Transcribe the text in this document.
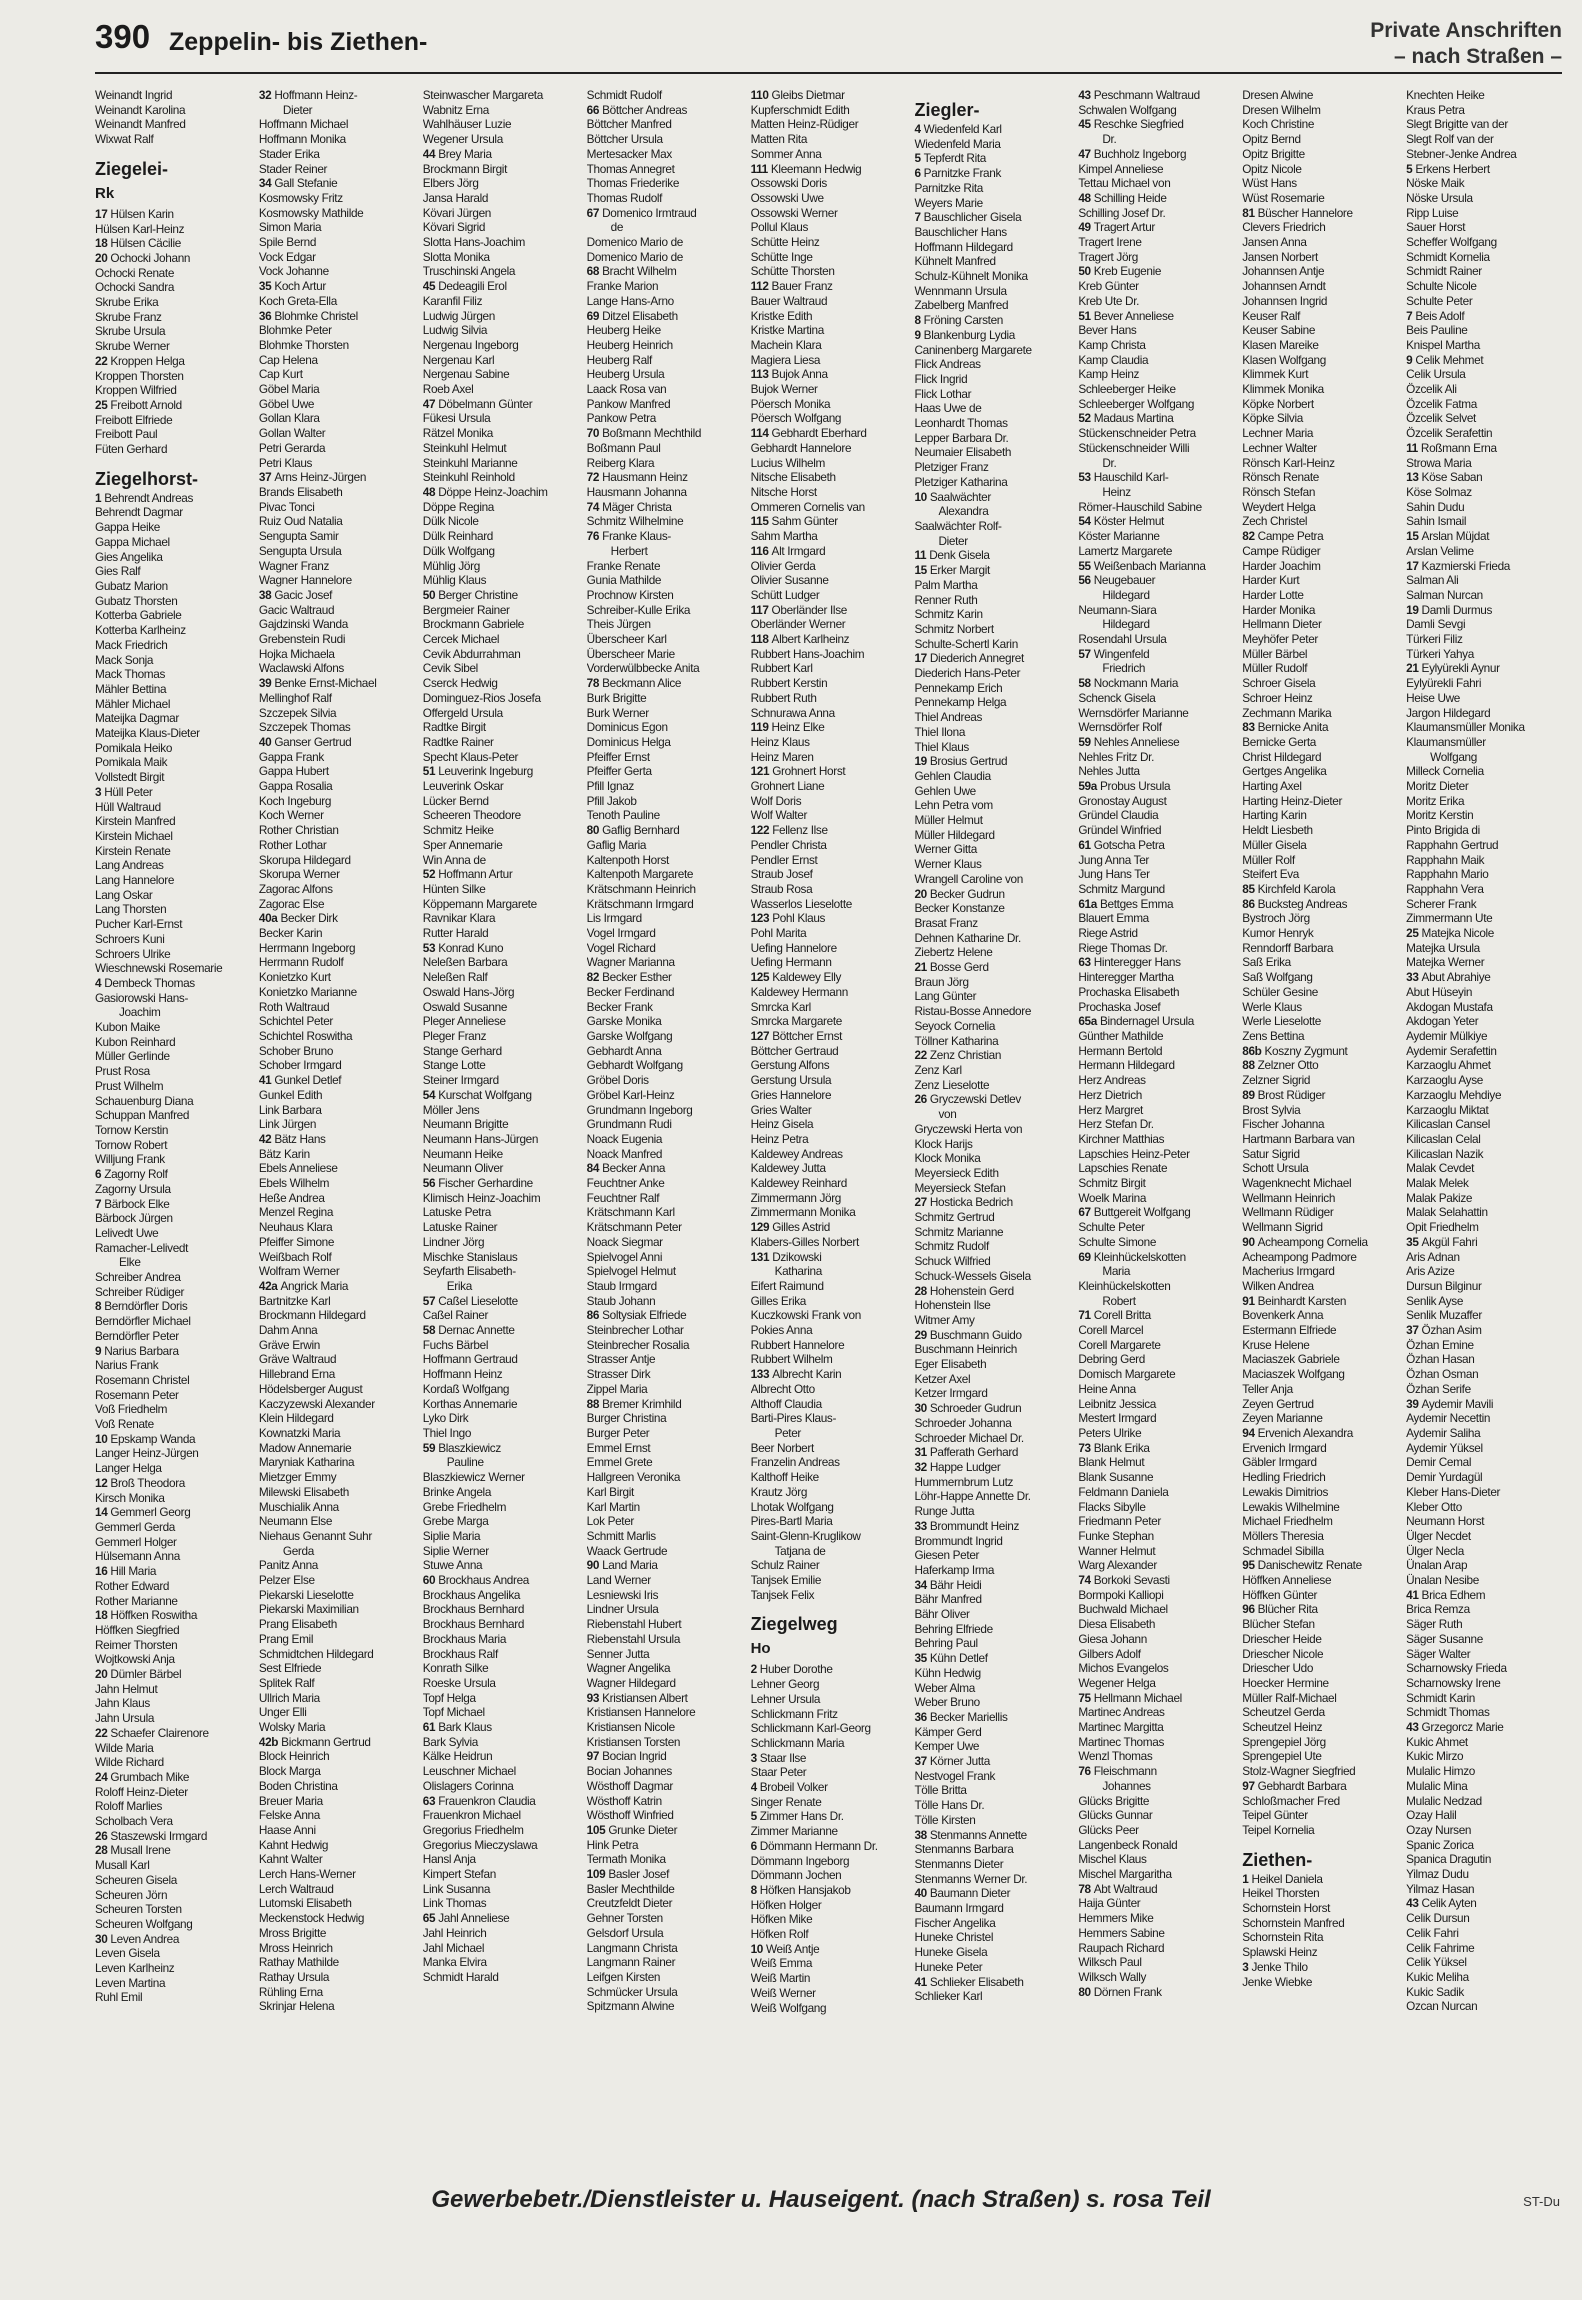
390 Zeppelin- bis Ziethen-	Private Anschriften
– nach Straßen –
Weinandt Ingrid
Weinandt Karolina
Weinandt Manfred
Wixwat Ralf
Ziegelei-
Rk
17 Hülsen Karin
Hülsen Karl-Heinz
18 Hülsen Cäcilie
20 Ochocki Johann
Ochocki Renate
Ochocki Sandra
Skrube Erika
Skrube Franz
Skrube Ursula
Skrube Werner
22 Kroppen Helga
Kroppen Thorsten
Kroppen Wilfried
25 Freibott Arnold
Freibott Elfriede
Freibott Paul
Füten Gerhard
Ziegelhorst-
1 Behrendt Andreas
Behrendt Dagmar
Gappa Heike
Gappa Michael
Gies Angelika
Gies Ralf
Gubatz Marion
Gubatz Thorsten
Kotterba Gabriele
Kotterba Karlheinz
Mack Friedrich
Mack Sonja
Mack Thomas
Mähler Bettina
Mähler Michael
Mateijka Dagmar
Mateijka Klaus-Dieter
Pomikala Heiko
Pomikala Maik
Vollstedt Birgit
3 Hüll Peter
Hüll Waltraud
Kirstein Manfred
Kirstein Michael
Kirstein Renate
Lang Andreas
Lang Hannelore
Lang Oskar
Lang Thorsten
Pucher Karl-Ernst
Schroers Kuni
Schroers Ulrike
Wieschnewski Rosemarie
4 Dembeck Thomas
Gasiorowski Hans-
Joachim
Kubon Maike
Kubon Reinhard
Müller Gerlinde
Prust Rosa
Prust Wilhelm
Schauenburg Diana
Schuppan Manfred
Tornow Kerstin
Tornow Robert
Willjung Frank
6 Zagorny Rolf
Zagorny Ursula
7 Bärbock Elke
Bärbock Jürgen
Lelivedt Uwe
Ramacher-Lelivedt
Elke
Schreiber Andrea
Schreiber Rüdiger
8 Berndörfler Doris
Berndörfler Michael
Berndörfler Peter
9 Narius Barbara
Narius Frank
Rosemann Christel
Rosemann Peter
Voß Friedhelm
Voß Renate
10 Epskamp Wanda
Langer Heinz-Jürgen
Langer Helga
12 Broß Theodora
Kirsch Monika
14 Gemmerl Georg
Gemmerl Gerda
Gemmerl Holger
Hülsemann Anna
16 Hill Maria
Rother Edward
Rother Marianne
18 Höffken Roswitha
Höffken Siegfried
Reimer Thorsten
Wojtkowski Anja
20 Dümler Bärbel
Jahn Helmut
Jahn Klaus
Jahn Ursula
22 Schaefer Clairenore
Wilde Maria
Wilde Richard
24 Grumbach Mike
Roloff Heinz-Dieter
Roloff Marlies
Scholbach Vera
26 Staszewski Irmgard
28 Musall Irene
Musall Karl
Scheuren Gisela
Scheuren Jörn
Scheuren Torsten
Scheuren Wolfgang
30 Leven Andrea
Leven Gisela
Leven Karlheinz
Leven Martina
Ruhl Emil
32 Hoffmann Heinz-
Dieter
Hoffmann Michael
Hoffmann Monika
Stader Erika
Stader Reiner
34 Gall Stefanie
Kosmowsky Fritz
Kosmowsky Mathilde
Simon Maria
Spile Bernd
Vock Edgar
Vock Johanne
35 Koch Artur
Koch Greta-Ella
36 Blohmke Christel
Blohmke Peter
Blohmke Thorsten
Cap Helena
Cap Kurt
Göbel Maria
Göbel Uwe
Gollan Klara
Gollan Walter
Petri Gerarda
Petri Klaus
37 Arns Heinz-Jürgen
Brands Elisabeth
Pivac Tonci
Ruiz Oud Natalia
Sengupta Samir
Sengupta Ursula
Wagner Franz
Wagner Hannelore
38 Gacic Josef
Gacic Waltraud
Gajdzinski Wanda
Grebenstein Rudi
Hojka Michaela
Waclawski Alfons
39 Benke Ernst-Michael
Mellinghof Ralf
Szczepek Silvia
Szczepek Thomas
40 Ganser Gertrud
Gappa Frank
Gappa Hubert
Gappa Rosalia
Koch Ingeburg
Koch Werner
Rother Christian
Rother Lothar
Skorupa Hildegard
Skorupa Werner
Zagorac Alfons
Zagorac Else
40a Becker Dirk
Becker Karin
Herrmann Ingeborg
Herrmann Rudolf
Konietzko Kurt
Konietzko Marianne
Roth Waltraud
Schichtel Peter
Schichtel Roswitha
Schober Bruno
Schober Irmgard
41 Gunkel Detlef
Gunkel Edith
Link Barbara
Link Jürgen
42 Bätz Hans
Bätz Karin
Ebels Anneliese
Ebels Wilhelm
Heße Andrea
Menzel Regina
Neuhaus Klara
Pfeiffer Simone
Weißbach Rolf
Wolfram Werner
42a Angrick Maria
Bartnitzke Karl
Brockmann Hildegard
Dahm Anna
Gräve Erwin
Gräve Waltraud
Hillebrand Erna
Hödelsberger August
Kaczyzewski Alexander
Klein Hildegard
Kownatzki Maria
Madow Annemarie
Maryniak Katharina
Mietzger Emmy
Milewski Elisabeth
Muschialik Anna
Neumann Else
Niehaus Genannt Suhr
Gerda
Panitz Anna
Pelzer Else
Piekarski Lieselotte
Piekarski Maximilian
Prang Elisabeth
Prang Emil
Schmidtchen Hildegard
Sest Elfriede
Splitek Ralf
Ullrich Maria
Unger Elli
Wolsky Maria
42b Bickmann Gertrud
Block Heinrich
Block Marga
Boden Christina
Breuer Maria
Felske Anna
Haase Anni
Kahnt Hedwig
Kahnt Walter
Lerch Hans-Werner
Lerch Waltraud
Lutomski Elisabeth
Meckenstock Hedwig
Mross Brigitte
Mross Heinrich
Rathay Mathilde
Rathay Ursula
Rühling Erna
Skrinjar Helena
Steinwascher Margareta
Wabnitz Erna
Wahlhäuser Luzie
Wegener Ursula
44 Brey Maria
Brockmann Birgit
Elbers Jörg
Jansa Harald
Kövari Jürgen
Kövari Sigrid
Slotta Hans-Joachim
Slotta Monika
Truschinski Angela
45 Dedeagili Erol
Karanfil Filiz
Ludwig Jürgen
Ludwig Silvia
Nergenau Ingeborg
Nergenau Karl
Nergenau Sabine
Roeb Axel
47 Döbelmann Günter
Fükesi Ursula
Rätzel Monika
Steinkuhl Helmut
Steinkuhl Marianne
Steinkuhl Reinhold
48 Döppe Heinz-Joachim
Döppe Regina
Dülk Nicole
Dülk Reinhard
Dülk Wolfgang
Mühlig Jörg
Mühlig Klaus
50 Berger Christine
Bergmeier Rainer
Brockmann Gabriele
Cercek Michael
Cevik Abdurrahman
Cevik Sibel
Cserck Hedwig
Dominguez-Rios Josefa
Offergeld Ursula
Radtke Birgit
Radtke Rainer
Specht Klaus-Peter
51 Leuverink Ingeburg
Leuverink Oskar
Lücker Bernd
Scheeren Theodore
Schmitz Heike
Sper Annemarie
Win Anna de
52 Hoffmann Artur
Hünten Silke
Köppemann Margarete
Ravnikar Klara
Rutter Harald
53 Konrad Kuno
Neleßen Barbara
Neleßen Ralf
Oswald Hans-Jörg
Oswald Susanne
Pleger Anneliese
Pleger Franz
Stange Gerhard
Stange Lotte
Steiner Irmgard
54 Kurschat Wolfgang
Möller Jens
Neumann Brigitte
Neumann Hans-Jürgen
Neumann Heike
Neumann Oliver
56 Fischer Gerhardine
Klimisch Heinz-Joachim
Latuske Petra
Latuske Rainer
Lindner Jörg
Mischke Stanislaus
Seyfarth Elisabeth-
Erika
57 Caßel Lieselotte
Caßel Rainer
58 Dernac Annette
Fuchs Bärbel
Hoffmann Gertraud
Hoffmann Heinz
Kordaß Wolfgang
Korthas Annemarie
Lyko Dirk
Thiel Ingo
59 Blaszkiewicz
Pauline
Blaszkiewicz Werner
Brinke Angela
Grebe Friedhelm
Grebe Marga
Siplie Maria
Siplie Werner
Stuwe Anna
60 Brockhaus Andrea
Brockhaus Angelika
Brockhaus Bernhard
Brockhaus Bernhard
Brockhaus Maria
Brockhaus Ralf
Konrath Silke
Roeske Ursula
Topf Helga
Topf Michael
61 Bark Klaus
Bark Sylvia
Kälke Heidrun
Leuschner Michael
Olislagers Corinna
63 Frauenkron Claudia
Frauenkron Michael
Gregorius Friedhelm
Gregorius Mieczyslawa
Hansl Anja
Kimpert Stefan
Link Susanna
Link Thomas
65 Jahl Anneliese
Jahl Heinrich
Jahl Michael
Manka Elvira
Schmidt Harald
Schmidt Rudolf
66 Böttcher Andreas
Böttcher Manfred
Böttcher Ursula
Mertesacker Max
Thomas Annegret
Thomas Friederike
Thomas Rudolf
67 Domenico Irmtraud
de
Domenico Mario de
Domenico Mario de
68 Bracht Wilhelm
Franke Marion
Lange Hans-Arno
69 Ditzel Elisabeth
Heuberg Heike
Heuberg Heinrich
Heuberg Ralf
Heuberg Ursula
Laack Rosa van
Pankow Manfred
Pankow Petra
70 Boßmann Mechthild
Boßmann Paul
Reiberg Klara
72 Hausmann Heinz
Hausmann Johanna
74 Mäger Christa
Schmitz Wilhelmine
76 Franke Klaus-
Herbert
Franke Renate
Gunia Mathilde
Prochnow Kirsten
Schreiber-Kulle Erika
Theis Jürgen
Überscheer Karl
Überscheer Marie
Vorderwülbbecke Anita
78 Beckmann Alice
Burk Brigitte
Burk Werner
Dominicus Egon
Dominicus Helga
Pfeiffer Ernst
Pfeiffer Gerta
Pfill Ignaz
Pfill Jakob
Tenoth Pauline
80 Gaflig Bernhard
Gaflig Maria
Kaltenpoth Horst
Kaltenpoth Margarete
Krätschmann Heinrich
Krätschmann Irmgard
Lis Irmgard
Vogel Irmgard
Vogel Richard
Wagner Marianna
82 Becker Esther
Becker Ferdinand
Becker Frank
Garske Monika
Garske Wolfgang
Gebhardt Anna
Gebhardt Wolfgang
Gröbel Doris
Gröbel Karl-Heinz
Grundmann Ingeborg
Grundmann Rudi
Noack Eugenia
Noack Manfred
84 Becker Anna
Feuchtner Anke
Feuchtner Ralf
Krätschmann Karl
Krätschmann Peter
Noack Siegmar
Spielvogel Anni
Spielvogel Helmut
Staub Irmgard
Staub Johann
86 Soltysiak Elfriede
Steinbrecher Lothar
Steinbrecher Rosalia
Strasser Antje
Strasser Dirk
Zippel Maria
88 Bremer Krimhild
Burger Christina
Burger Peter
Emmel Ernst
Emmel Grete
Hallgreen Veronika
Karl Birgit
Karl Martin
Lok Peter
Schmitt Marlis
Waack Gertrude
90 Land Maria
Land Werner
Lesniewski Iris
Lindner Ursula
Riebenstahl Hubert
Riebenstahl Ursula
Senner Jutta
Wagner Angelika
Wagner Hildegard
93 Kristiansen Albert
Kristiansen Hannelore
Kristiansen Nicole
Kristiansen Torsten
97 Bocian Ingrid
Bocian Johannes
Wösthoff Dagmar
Wösthoff Katrin
Wösthoff Winfried
105 Grunke Dieter
Hink Petra
Termath Monika
109 Basler Josef
Basler Mechthilde
Creutzfeldt Dieter
Gehner Torsten
Gelsdorf Ursula
Langmann Christa
Langmann Rainer
Leifgen Kirsten
Schmücker Ursula
Spitzmann Alwine
110 Gleibs Dietmar
Kupferschmidt Edith
Matten Heinz-Rüdiger
Matten Rita
Sommer Anna
111 Kleemann Hedwig
Ossowski Doris
Ossowski Uwe
Ossowski Werner
Pollul Klaus
Schütte Heinz
Schütte Inge
Schütte Thorsten
112 Bauer Franz
Bauer Waltraud
Kristke Edith
Kristke Martina
Machein Klara
Magiera Liesa
113 Bujok Anna
Bujok Werner
Pöersch Monika
Pöersch Wolfgang
114 Gebhardt Eberhard
Gebhardt Hannelore
Lucius Wilhelm
Nitsche Elisabeth
Nitsche Horst
Ommeren Cornelis van
115 Sahm Günter
Sahm Martha
116 Alt Irmgard
Olivier Gerda
Olivier Susanne
Schütt Ludger
117 Oberländer Ilse
Oberländer Werner
118 Albert Karlheinz
Rubbert Hans-Joachim
Rubbert Karl
Rubbert Kerstin
Rubbert Ruth
Schnurawa Anna
119 Heinz Elke
Heinz Klaus
Heinz Maren
121 Grohnert Horst
Grohnert Liane
Wolf Doris
Wolf Walter
122 Fellenz Ilse
Pendler Christa
Pendler Ernst
Straub Josef
Straub Rosa
Wasserlos Lieselotte
123 Pohl Klaus
Pohl Marita
Uefing Hannelore
Uefing Hermann
125 Kaldewey Elly
Kaldewey Hermann
Smrcka Karl
Smrcka Margarete
127 Böttcher Ernst
Böttcher Gertraud
Gerstung Alfons
Gerstung Ursula
Gries Hannelore
Gries Walter
Heinz Gisela
Heinz Petra
Kaldewey Andreas
Kaldewey Jutta
Kaldewey Reinhard
Zimmermann Jörg
Zimmermann Monika
129 Gilles Astrid
Klabers-Gilles Norbert
131 Dzikowski
Katharina
Eifert Raimund
Gilles Erika
Kuczkowski Frank von
Pokies Anna
Rubbert Hannelore
Rubbert Wilhelm
133 Albrecht Karin
Albrecht Otto
Althoff Claudia
Barti-Pires Klaus-
Peter
Beer Norbert
Franzelin Andreas
Kalthoff Heike
Krautz Jörg
Lhotak Wolfgang
Pires-Bartl Maria
Saint-Glenn-Kruglikow
Tatjana de
Schulz Rainer
Tanjsek Emilie
Tanjsek Felix
Ziegelweg
Ho
2 Huber Dorothe
Lehner Georg
Lehner Ursula
Schlickmann Fritz
Schlickmann Karl-Georg
Schlickmann Maria
3 Staar Ilse
Staar Peter
4 Brobeil Volker
Singer Renate
5 Zimmer Hans Dr.
Zimmer Marianne
6 Dömmann Hermann Dr.
Dömmann Ingeborg
Dömmann Jochen
8 Höfken Hansjakob
Höfken Holger
Höfken Mike
Höfken Rolf
10 Weiß Antje
Weiß Emma
Weiß Martin
Weiß Werner
Weiß Wolfgang
Ziegler-
4 Wiedenfeld Karl
Wiedenfeld Maria
5 Tepferdt Rita
6 Parnitzke Frank
Parnitzke Rita
Weyers Marie
7 Bauschlicher Gisela
Bauschlicher Hans
Hoffmann Hildegard
Kühnelt Manfred
Schulz-Kühnelt Monika
Wennmann Ursula
Zabelberg Manfred
8 Fröning Carsten
9 Blankenburg Lydia
Caninenberg Margarete
Flick Andreas
Flick Ingrid
Flick Lothar
Haas Uwe de
Leonhardt Thomas
Lepper Barbara Dr.
Neumaier Elisabeth
Pletziger Franz
Pletziger Katharina
10 Saalwächter
Alexandra
Saalwächter Rolf-
Dieter
11 Denk Gisela
15 Erker Margit
Palm Martha
Renner Ruth
Schmitz Karin
Schmitz Norbert
Schulte-Schertl Karin
17 Diederich Annegret
Diederich Hans-Peter
Pennekamp Erich
Pennekamp Helga
Thiel Andreas
Thiel Ilona
Thiel Klaus
19 Brosius Gertrud
Gehlen Claudia
Gehlen Uwe
Lehn Petra vom
Müller Helmut
Müller Hildegard
Werner Gitta
Werner Klaus
Wrangell Caroline von
20 Becker Gudrun
Becker Konstanze
Brasat Franz
Dehnen Katharine Dr.
Ziebertz Helene
21 Bosse Gerd
Braun Jörg
Lang Günter
Ristau-Bosse Annedore
Seyock Cornelia
Töllner Katharina
22 Zenz Christian
Zenz Karl
Zenz Lieselotte
26 Gryczewski Detlev
von
Gryczewski Herta von
Klock Harijs
Klock Monika
Meyersieck Edith
Meyersieck Stefan
27 Hosticka Bedrich
Schmitz Gertrud
Schmitz Marianne
Schmitz Rudolf
Schuck Wilfried
Schuck-Wessels Gisela
28 Hohenstein Gerd
Hohenstein Ilse
Witmer Amy
29 Buschmann Guido
Buschmann Heinrich
Eger Elisabeth
Ketzer Axel
Ketzer Irmgard
30 Schroeder Gudrun
Schroeder Johanna
Schroeder Michael Dr.
31 Pafferath Gerhard
32 Happe Ludger
Hummernbrum Lutz
Löhr-Happe Annette Dr.
Runge Jutta
33 Brommundt Heinz
Brommundt Ingrid
Giesen Peter
Haferkamp Irma
34 Bähr Heidi
Bähr Manfred
Bähr Oliver
Behring Elfriede
Behring Paul
35 Kühn Detlef
Kühn Hedwig
Weber Alma
Weber Bruno
36 Becker Mariellis
Kämper Gerd
Kemper Uwe
37 Körner Jutta
Nestvogel Frank
Tölle Britta
Tölle Hans Dr.
Tölle Kirsten
38 Stenmanns Annette
Stenmanns Barbara
Stenmanns Dieter
Stenmanns Werner Dr.
40 Baumann Dieter
Baumann Irmgard
Fischer Angelika
Huneke Christel
Huneke Gisela
Huneke Peter
41 Schlieker Elisabeth
Schlieker Karl
43 Peschmann Waltraud
Schwalen Wolfgang
45 Reschke Siegfried
Dr.
47 Buchholz Ingeborg
Kimpel Anneliese
Tettau Michael von
48 Schilling Heide
Schilling Josef Dr.
49 Tragert Artur
Tragert Irene
Tragert Jörg
50 Kreb Eugenie
Kreb Günter
Kreb Ute Dr.
51 Bever Anneliese
Bever Hans
Kamp Christa
Kamp Claudia
Kamp Heinz
Schleeberger Heike
Schleeberger Wolfgang
52 Madaus Martina
Stückenschneider Petra
Stückenschneider Willi
Dr.
53 Hauschild Karl-
Heinz
Römer-Hauschild Sabine
54 Köster Helmut
Köster Marianne
Lamertz Margarete
55 Weißenbach Marianna
56 Neugebauer
Hildegard
Neumann-Siara
Hildegard
Rosendahl Ursula
57 Wingenfeld
Friedrich
58 Nockmann Maria
Schenck Gisela
Wernsdörfer Marianne
Wernsdörfer Rolf
59 Nehles Anneliese
Nehles Fritz Dr.
Nehles Jutta
59a Probus Ursula
Gronostay August
Gründel Claudia
Gründel Winfried
61 Gotscha Petra
Jung Anna Ter
Jung Hans Ter
Schmitz Margund
61a Bettges Emma
Blauert Emma
Riege Astrid
Riege Thomas Dr.
63 Hinteregger Hans
Hinteregger Martha
Prochaska Elisabeth
Prochaska Josef
65a Bindernagel Ursula
Günther Mathilde
Hermann Bertold
Hermann Hildegard
Herz Andreas
Herz Dietrich
Herz Margret
Herz Stefan Dr.
Kirchner Matthias
Lapschies Heinz-Peter
Lapschies Renate
Schmitz Birgit
Woelk Marina
67 Buttgereit Wolfgang
Schulte Peter
Schulte Simone
69 Kleinhückelskotten
Maria
Kleinhückelskotten
Robert
71 Corell Britta
Corell Marcel
Corell Margarete
Debring Gerd
Domisch Margarete
Heine Anna
Leibnitz Jessica
Mestert Irmgard
Peters Ulrike
73 Blank Erika
Blank Helmut
Blank Susanne
Feldmann Daniela
Flacks Sibylle
Friedmann Peter
Funke Stephan
Wanner Helmut
Warg Alexander
74 Borkoki Sevasti
Bormpoki Kalliopi
Buchwald Michael
Diesa Elisabeth
Giesa Johann
Gilbers Adolf
Michos Evangelos
Wegener Helga
75 Hellmann Michael
Martinec Andreas
Martinec Margitta
Martinec Thomas
Wenzl Thomas
76 Fleischmann
Johannes
Glücks Brigitte
Glücks Gunnar
Glücks Peer
Langenbeck Ronald
Mischel Klaus
Mischel Margaritha
78 Abt Waltraud
Haija Günter
Hemmers Mike
Hemmers Sabine
Raupach Richard
Wilksch Paul
Wilksch Wally
80 Dörnen Frank
Dresen Alwine
Dresen Wilhelm
Koch Christine
Opitz Bernd
Opitz Brigitte
Opitz Nicole
Wüst Hans
Wüst Rosemarie
81 Büscher Hannelore
Clevers Friedrich
Jansen Anna
Jansen Norbert
Johannsen Antje
Johannsen Arndt
Johannsen Ingrid
Keuser Ralf
Keuser Sabine
Klasen Mareike
Klasen Wolfgang
Klimmek Kurt
Klimmek Monika
Köpke Norbert
Köpke Silvia
Lechner Maria
Lechner Walter
Rönsch Karl-Heinz
Rönsch Renate
Rönsch Stefan
Weydert Helga
Zech Christel
82 Campe Petra
Campe Rüdiger
Harder Joachim
Harder Kurt
Harder Lotte
Harder Monika
Hellmann Dieter
Meyhöfer Peter
Müller Bärbel
Müller Rudolf
Schroer Gisela
Schroer Heinz
Zechmann Marika
83 Bernicke Anita
Bernicke Gerta
Christ Hildegard
Gertges Angelika
Harting Axel
Harting Heinz-Dieter
Harting Karin
Heldt Liesbeth
Müller Gisela
Müller Rolf
Steifert Eva
85 Kirchfeld Karola
86 Bucksteg Andreas
Bystroch Jörg
Kumor Henryk
Renndorff Barbara
Saß Erika
Saß Wolfgang
Schüler Gesine
Werle Klaus
Werle Lieselotte
Zens Bettina
86b Koszny Zygmunt
88 Zelzner Otto
Zelzner Sigrid
89 Brost Rüdiger
Brost Sylvia
Fischer Johanna
Hartmann Barbara van
Satur Sigrid
Schott Ursula
Wagenknecht Michael
Wellmann Heinrich
Wellmann Rüdiger
Wellmann Sigrid
90 Acheampong Cornelia
Acheampong Padmore
Macherius Irmgard
Wilken Andrea
91 Beinhardt Karsten
Bovenkerk Anna
Estermann Elfriede
Kruse Helene
Maciaszek Gabriele
Maciaszek Wolfgang
Teller Anja
Zeyen Gertrud
Zeyen Marianne
94 Ervenich Alexandra
Ervenich Irmgard
Gäbler Irmgard
Hedling Friedrich
Lewakis Dimitrios
Lewakis Wilhelmine
Michael Friedhelm
Möllers Theresia
Schmadel Sibilla
95 Danischewitz Renate
Höffken Anneliese
Höffken Günter
96 Blücher Rita
Blücher Stefan
Driescher Heide
Driescher Nicole
Driescher Udo
Hoecker Hermine
Müller Ralf-Michael
Scheutzel Gerda
Scheutzel Heinz
Sprengepiel Jörg
Sprengepiel Ute
Stolz-Wagner Siegfried
97 Gebhardt Barbara
Schloßmacher Fred
Teipel Günter
Teipel Kornelia
Ziethen-
1 Heikel Daniela
Heikel Thorsten
Schornstein Horst
Schornstein Manfred
Schornstein Rita
Splawski Heinz
3 Jenke Thilo
Jenke Wiebke
Knechten Heike
Kraus Petra
Slegt Brigitte van der
Slegt Rolf van der
Stebner-Jenke Andrea
5 Erkens Herbert
Nöske Maik
Nöske Ursula
Ripp Luise
Sauer Horst
Scheffer Wolfgang
Schmidt Kornelia
Schmidt Rainer
Schulte Nicole
Schulte Peter
7 Beis Adolf
Beis Pauline
Knispel Martha
9 Celik Mehmet
Celik Ursula
Özcelik Ali
Özcelik Fatma
Özcelik Selvet
Özcelik Serafettin
11 Roßmann Erna
Strowa Maria
13 Köse Saban
Köse Solmaz
Sahin Dudu
Sahin Ismail
15 Arslan Müjdat
Arslan Velime
17 Kazmierski Frieda
Salman Ali
Salman Nurcan
19 Damli Durmus
Damli Sevgi
Türkeri Filiz
Türkeri Yahya
21 Eylyürekli Aynur
Eylyürekli Fahri
Heise Uwe
Jargon Hildegard
Klaumansmüller Monika
Klaumansmüller
Wolfgang
Milleck Cornelia
Moritz Dieter
Moritz Erika
Moritz Kerstin
Pinto Brigida di
Rapphahn Gertrud
Rapphahn Maik
Rapphahn Mario
Rapphahn Vera
Scherer Frank
Zimmermann Ute
25 Matejka Nicole
Matejka Ursula
Matejka Werner
33 Abut Abrahiye
Abut Hüseyin
Akdogan Mustafa
Akdogan Yeter
Aydemir Mülkiye
Aydemir Serafettin
Karzaoglu Ahmet
Karzaoglu Ayse
Karzaoglu Mehdiye
Karzaoglu Miktat
Kilicaslan Cansel
Kilicaslan Celal
Kilicaslan Nazik
Malak Cevdet
Malak Melek
Malak Pakize
Malak Selahattin
Opit Friedhelm
35 Akgül Fahri
Aris Adnan
Aris Azize
Dursun Bilginur
Senlik Ayse
Senlik Muzaffer
37 Özhan Asim
Özhan Emine
Özhan Hasan
Özhan Osman
Özhan Serife
39 Aydemir Mavili
Aydemir Necettin
Aydemir Saliha
Aydemir Yüksel
Demir Cemal
Demir Yurdagül
Kleber Hans-Dieter
Kleber Otto
Neumann Horst
Ülger Necdet
Ülger Necla
Ünalan Arap
Ünalan Nesibe
41 Brica Edhem
Brica Remza
Säger Ruth
Säger Susanne
Säger Walter
Scharnowsky Frieda
Scharnowsky Irene
Schmidt Karin
Schmidt Thomas
43 Grzegorcz Marie
Kukic Ahmet
Kukic Mirzo
Mulalic Himzo
Mulalic Mina
Mulalic Nedzad
Ozay Halil
Ozay Nursen
Spanic Zorica
Spanica Dragutin
Yilmaz Dudu
Yilmaz Hasan
43 Celik Ayten
Celik Dursun
Celik Fahri
Celik Fahrime
Celik Yüksel
Kukic Meliha
Kukic Sadik
Ozcan Nurcan
Gewerbebetr./Dienstleister u. Hauseigent. (nach Straßen) s. rosa Teil	ST-Du
